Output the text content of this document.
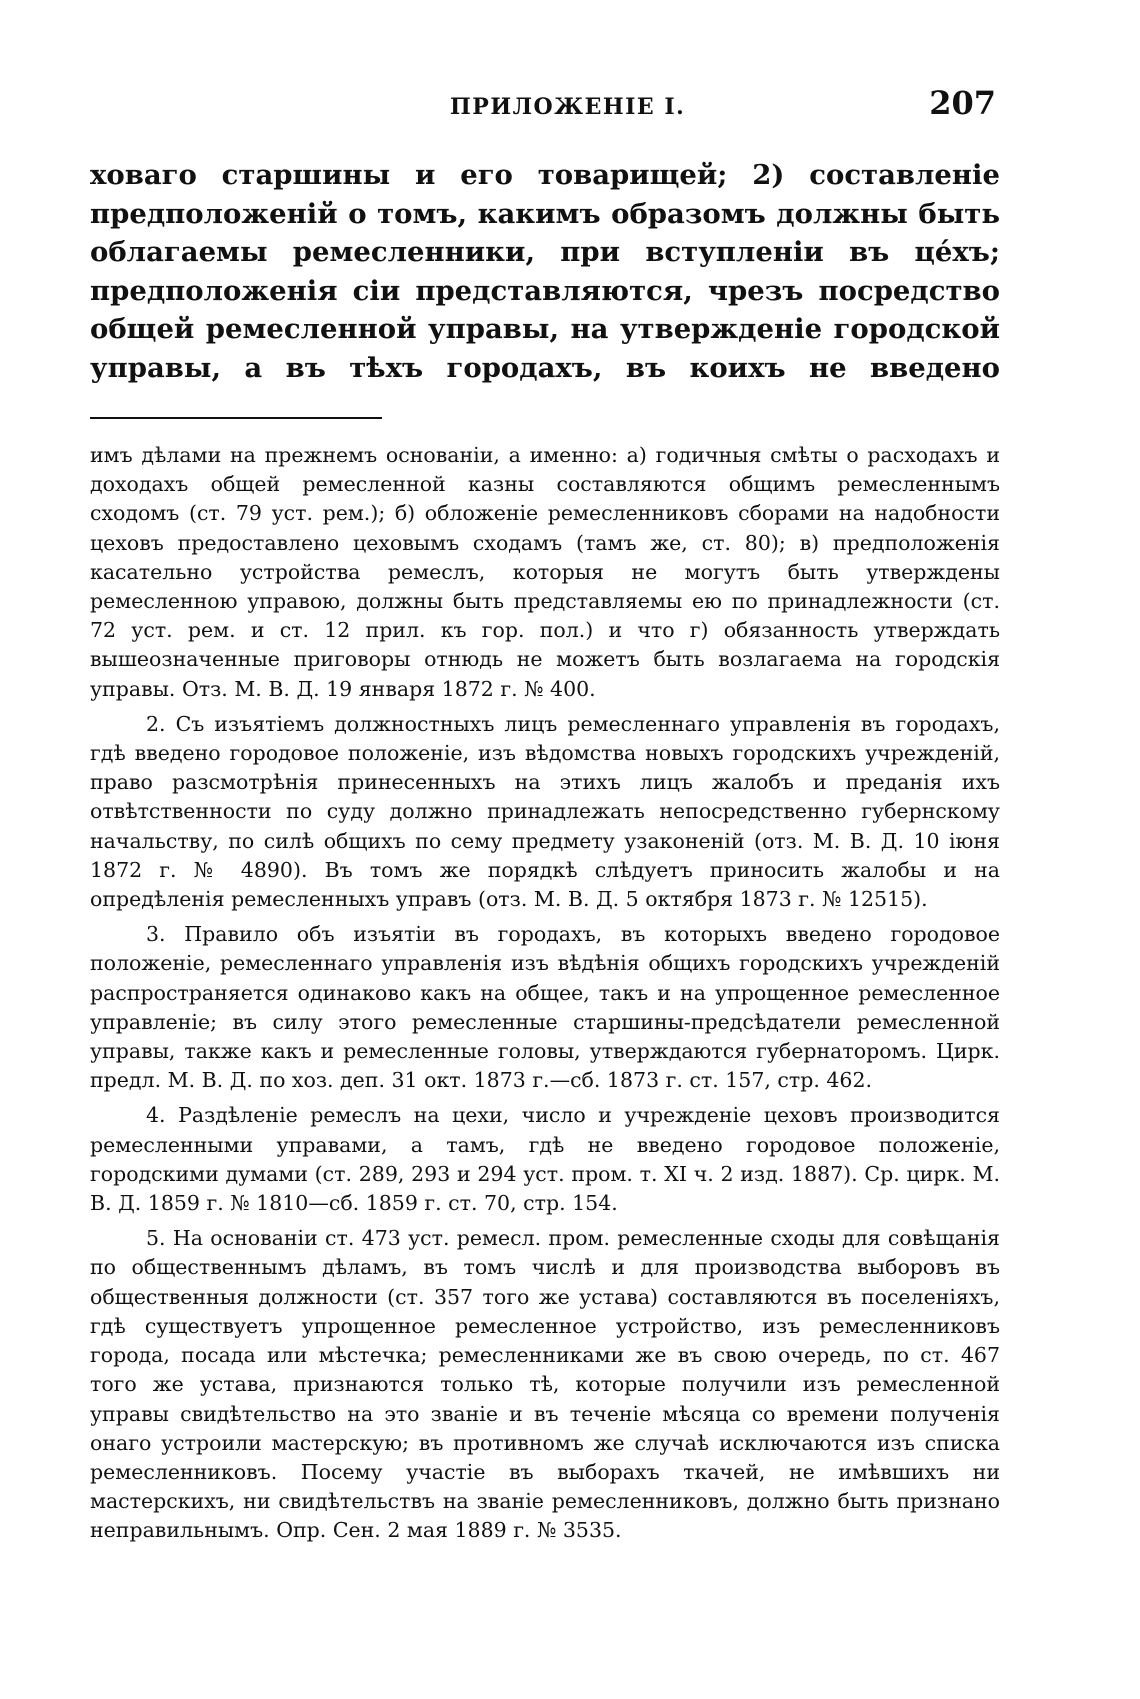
ПРИЛОЖЕНІЕ I.	207
ховаго старшины и его товарищей; 2) составленіе предположеній о томъ, какимъ образомъ должны быть облагаемы ремесленники, при вступленіи въ цéхъ; предположенія сіи представляются, чрезъ посредство общей ремесленной управы, на утвержденіе городской управы, а въ тѣхъ городахъ, въ коихъ не введено

имъ дѣлами на прежнемъ основаніи, а именно: а) годичныя смѣты о расходахъ и доходахъ общей ремесленной казны составляются общимъ ремесленнымъ сходомъ (ст. 79 уст. рем.); б) обложеніе ремесленниковъ сборами на надобности цеховъ предоставлено цеховымъ сходамъ (тамъ же, ст. 80); в) предположенія касательно устройства ремеслъ, которыя не могутъ быть утверждены ремесленною управою, должны быть представляемы ею по принадлежности (ст. 72 уст. рем. и ст. 12 прил. къ гор. пол.) и что г) обязанность утверждать вышеозначенные приговоры отнюдь не можетъ быть возлагаема на городскія управы. Отз. М. В. Д. 19 января 1872 г. № 400.

2. Съ изъятіемъ должностныхъ лицъ ремесленнаго управленія въ городахъ, гдѣ введено городовое положеніе, изъ вѣдомства новыхъ городскихъ учрежденій, право разсмотрѣнія принесенныхъ на этихъ лицъ жалобъ и преданія ихъ отвѣтственности по суду должно принадлежать непосредственно губернскому начальству, по силѣ общихъ по сему предмету узаконеній (отз. М. В. Д. 10 іюня 1872 г. № 4890). Въ томъ же порядкѣ слѣдуетъ приносить жалобы и на опредѣленія ремесленныхъ управъ (отз. М. В. Д. 5 октября 1873 г. № 12515).

3. Правило объ изъятіи въ городахъ, въ которыхъ введено городовое положеніе, ремесленнаго управленія изъ вѣдѣнія общихъ городскихъ учрежденій распространяется одинаково какъ на общее, такъ и на упрощенное ремесленное управленіе; въ силу этого ремесленные старшины-предсѣдатели ремесленной управы, также какъ и ремесленные головы, утверждаются губернаторомъ. Цирк. предл. М. В. Д. по хоз. деп. 31 окт. 1873 г.—сб. 1873 г. ст. 157, стр. 462.

4. Раздѣленіе ремеслъ на цехи, число и учрежденіе цеховъ производится ремесленными управами, а тамъ, гдѣ не введено городовое положеніе, городскими думами (ст. 289, 293 и 294 уст. пром. т. XI ч. 2 изд. 1887). Ср. цирк. М. В. Д. 1859 г. № 1810—сб. 1859 г. ст. 70, стр. 154.

5. На основаніи ст. 473 уст. ремесл. пром. ремесленные сходы для совѣщанія по общественнымъ дѣламъ, въ томъ числѣ и для производства выборовъ въ общественныя должности (ст. 357 того же устава) составляются въ поселеніяхъ, гдѣ существуетъ упрощенное ремесленное устройство, изъ ремесленниковъ города, посада или мѣстечка; ремесленниками же въ свою очередь, по ст. 467 того же устава, признаются только тѣ, которые получили изъ ремесленной управы свидѣтельство на это званіе и въ теченіе мѣсяца со времени полученія онаго устроили мастерскую; въ противномъ же случаѣ исключаются изъ списка ремесленниковъ. Посему участіе въ выборахъ ткачей, не имѣвшихъ ни мастерскихъ, ни свидѣтельствъ на званіе ремесленниковъ, должно быть признано неправильнымъ. Опр. Сен. 2 мая 1889 г. № 3535.
